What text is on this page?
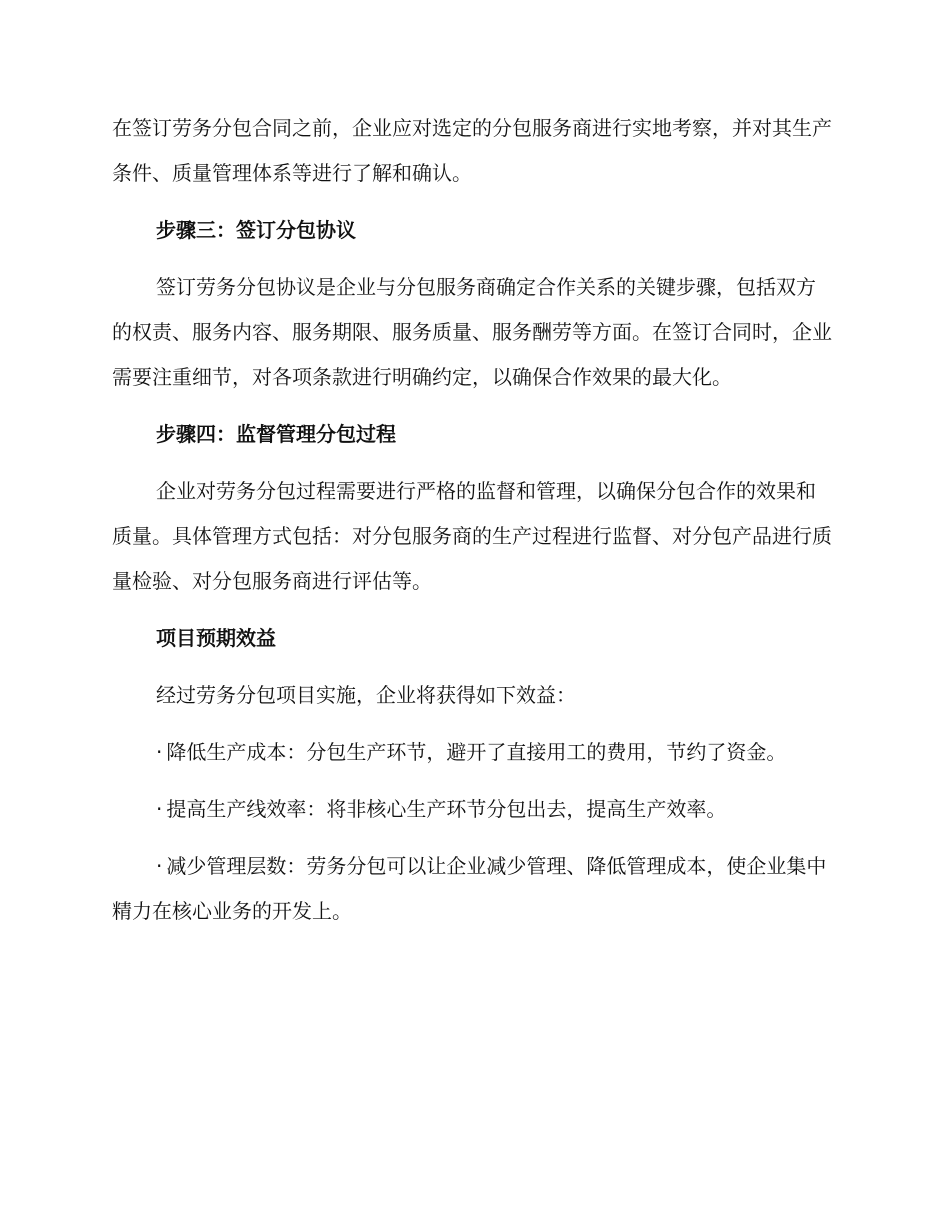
在签订劳务分包合同之前，企业应对选定的分包服务商进行实地考察，并对其生产条件、质量管理体系等进行了解和确认。

步骤三：签订分包协议

签订劳务分包协议是企业与分包服务商确定合作关系的关键步骤，包括双方的权责、服务内容、服务期限、服务质量、服务酬劳等方面。在签订合同时，企业需要注重细节，对各项条款进行明确约定，以确保合作效果的最大化。

步骤四：监督管理分包过程

企业对劳务分包过程需要进行严格的监督和管理，以确保分包合作的效果和质量。具体管理方式包括：对分包服务商的生产过程进行监督、对分包产品进行质量检验、对分包服务商进行评估等。

项目预期效益

经过劳务分包项目实施，企业将获得如下效益：

· 降低生产成本：分包生产环节，避开了直接用工的费用，节约了资金。

· 提高生产线效率：将非核心生产环节分包出去，提高生产效率。

· 减少管理层数：劳务分包可以让企业减少管理、降低管理成本，使企业集中精力在核心业务的开发上。
